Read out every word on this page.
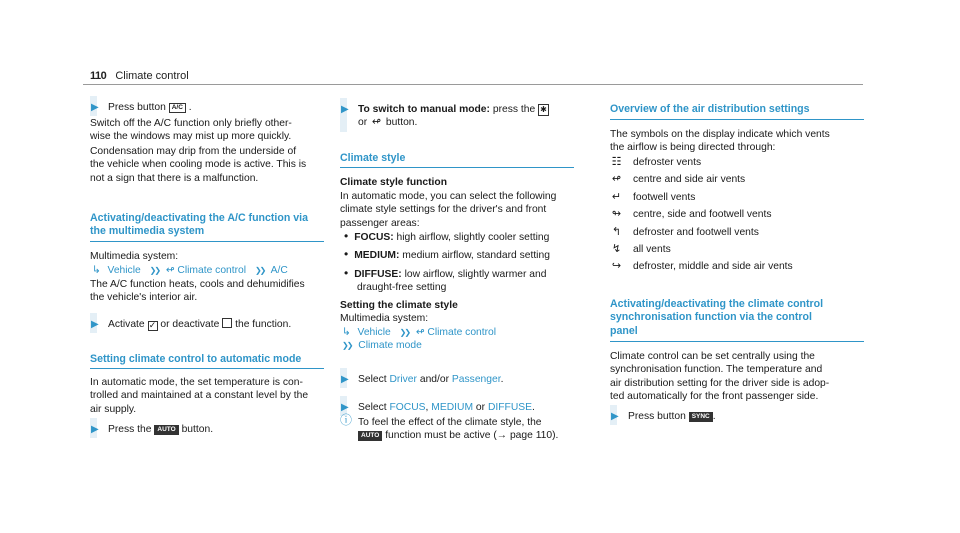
110 Climate control
▶ Press button A/C .

Switch off the A/C function only briefly other-

wise the windows may mist up more quickly.

Condensation may drip from the underside of

the vehicle when cooling mode is active. This is

not a sign that there is a malfunction.

Activating/deactivating the A/C function via

the multimedia system

Multimedia system:
↳ Vehicle ❯❯ ↫ Climate control ❯❯ A/C

The A/C function heats, cools and dehumidifies

the vehicle's interior air.

▶ Activate ✓ or deactivate the function.
Setting climate control to automatic mode

In automatic mode, the set temperature is con-

trolled and maintained at a constant level by the

air supply.

▶ Press the AUTO button.
▶ To switch to manual mode: press the ✱

or ↫ button.

Climate style
Climate style function

In automatic mode, you can select the following

climate style settings for the driver's and front

passenger areas:

• FOCUS: high airflow, slightly cooler setting

• MEDIUM: medium airflow, standard setting

• DIFFUSE: low airflow, slightly warmer and

draught-free setting

Setting the climate style
Multimedia system:
↳ Vehicle ❯❯ ↫ Climate control
❯❯ Climate mode
▶ Select Driver and/or Passenger.
▶ Select FOCUS, MEDIUM or DIFFUSE.
ⓘ To feel the effect of the climate style, the

AUTO function must be active (→ page 110).

Overview of the air distribution settings

The symbols on the display indicate which vents

the airflow is being directed through:

☷ defroster vents

↫ centre and side air vents

↵ footwell vents

↬ centre, side and footwell vents

↰ defroster and footwell vents

↯ all vents

↪ defroster, middle and side air vents

Activating/deactivating the climate control

synchronisation function via the control

panel

Climate control can be set centrally using the

synchronisation function. The temperature and

air distribution setting for the driver side is adop-

ted automatically for the front passenger side.

▶ Press button SYNC .
